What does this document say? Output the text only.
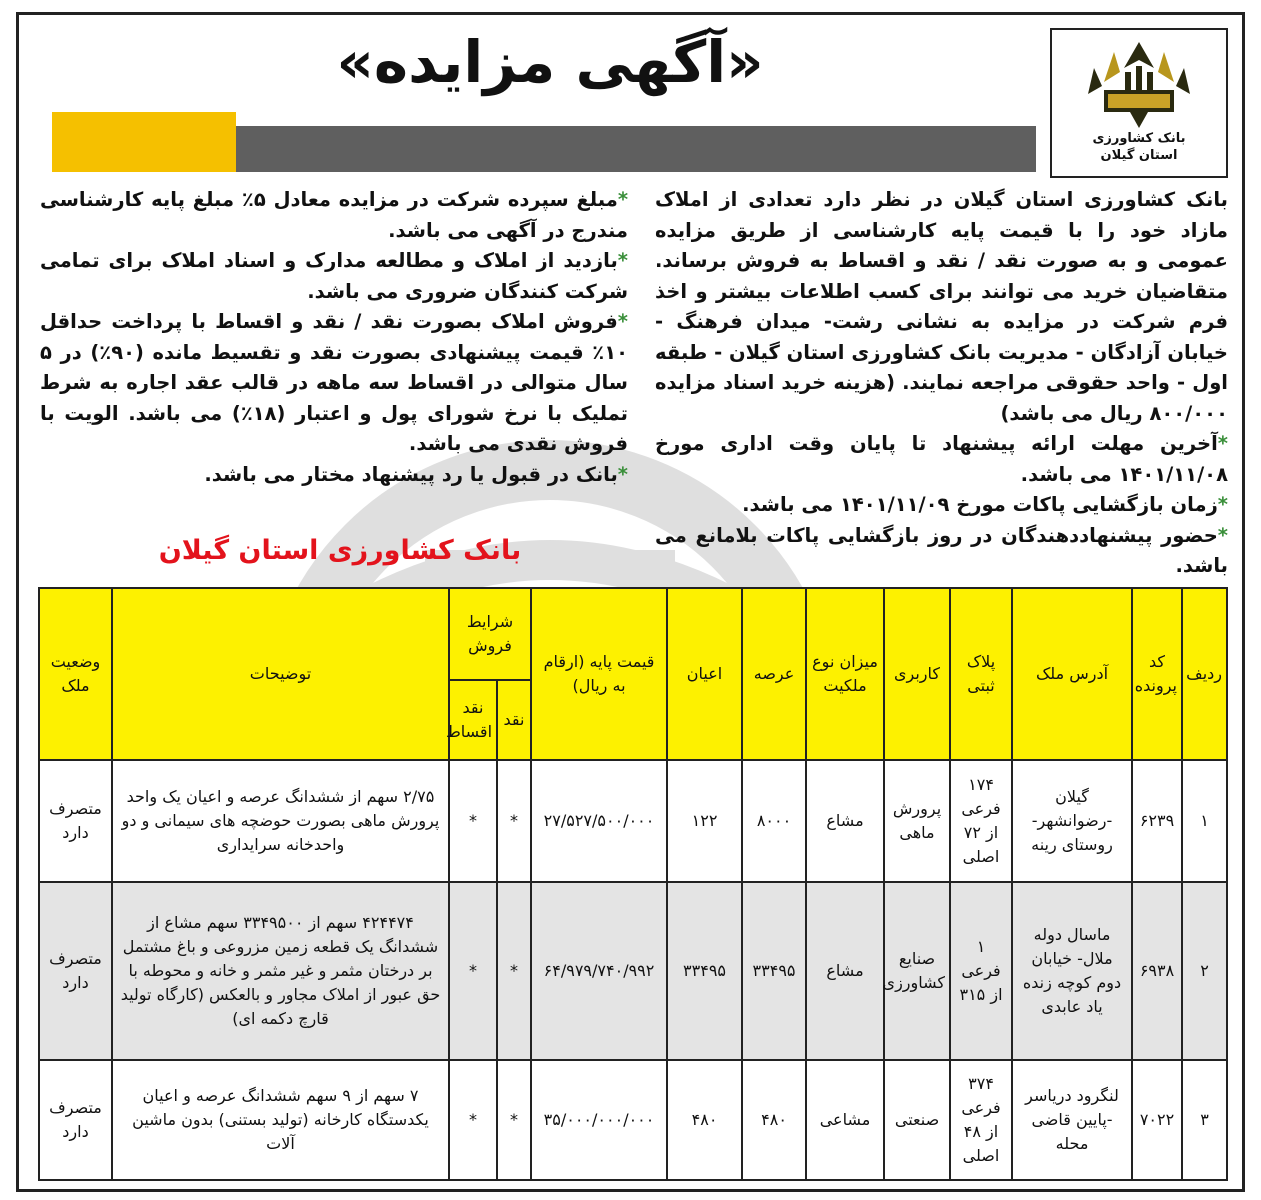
بانک کشاورزی
استان گیلان
«آگهی مزایده»

بانک کشاورزی استان گیلان در نظر دارد تعدادی از املاک مازاد خود را با قیمت پایه کارشناسی از طریق مزایده عمومی و به صورت نقد / نقد و اقساط به فروش برساند. متقاضیان خرید می توانند برای کسب اطلاعات بیشتر و اخذ فرم شرکت در مزایده به نشانی رشت- میدان فرهنگ - خیابان آزادگان - مدیریت بانک کشاورزی استان گیلان - طبقه اول - واحد حقوقی مراجعه نمایند. (هزینه خرید اسناد مزایده ۸۰۰/۰۰۰ ریال می باشد)

*آخرین مهلت ارائه پیشنهاد تا پایان وقت اداری مورخ ۱۴۰۱/۱۱/۰۸ می باشد.

*زمان بازگشایی پاکات مورخ ۱۴۰۱/۱۱/۰۹ می باشد.

*حضور پیشنهاددهندگان در روز بازگشایی پاکات بلامانع می باشد.

*مبلغ سپرده شرکت در مزایده معادل ۵٪ مبلغ پایه کارشناسی مندرج در آگهی می باشد.

*بازدید از املاک و مطالعه مدارک و اسناد املاک برای تمامی شرکت کنندگان ضروری می باشد.

*فروش املاک بصورت نقد / نقد و اقساط با پرداخت حداقل ۱۰٪ قیمت پیشنهادی بصورت نقد و تقسیط مانده (۹۰٪) در ۵ سال متوالی در اقساط سه ماهه در قالب عقد اجاره به شرط تملیک با نرخ شورای پول و اعتبار (۱۸٪) می باشد. الویت با فروش نقدی می باشد.

*بانک در قبول یا رد پیشنهاد مختار می باشد.

بانک کشاورزی استان گیلان
ردیف	کد پرونده	آدرس ملک	پلاک ثبتی	کاربری	میزان نوع ملکیت	عرصه	اعیان	قیمت پایه (ارقام به ریال)	شرایط فروش		توضیحات	وضعیت ملک
									نقد	نقد اقساط		
۱	۶۲۳۹	گیلان -رضوانشهر- روستای رینه	۱۷۴ فرعی از ۷۲ اصلی	پرورش ماهی	مشاع	۸۰۰۰	۱۲۲	۲۷/۵۲۷/۵۰۰/۰۰۰	*	*	۲/۷۵ سهم از ششدانگ عرصه و اعیان یک واحد پرورش ماهی بصورت حوضچه های سیمانی و دو واحدخانه سرایداری	متصرف دارد
۲	۶۹۳۸	ماسال دوله ملال- خیابان دوم کوچه زنده یاد عابدی	۱ فرعی از ۳۱۵	صنایع کشاورزی	مشاع	۳۳۴۹۵	۳۳۴۹۵	۶۴/۹۷۹/۷۴۰/۹۹۲	*	*	۴۲۴۴۷۴ سهم از ۳۳۴۹۵۰۰ سهم مشاع از ششدانگ یک قطعه زمین مزروعی و باغ مشتمل بر درختان مثمر و غیر مثمر و خانه و محوطه با حق عبور از املاک مجاور و بالعکس (کارگاه تولید قارچ دکمه ای)	متصرف دارد
۳	۷۰۲۲	لنگرود دریاسر -پایین قاضی محله	۳۷۴ فرعی از ۴۸ اصلی	صنعتی	مشاعی	۴۸۰	۴۸۰	۳۵/۰۰۰/۰۰۰/۰۰۰	*	*	۷ سهم از ۹ سهم ششدانگ عرصه و اعیان یکدستگاه کارخانه (تولید بستنی) بدون ماشین آلات	متصرف دارد
